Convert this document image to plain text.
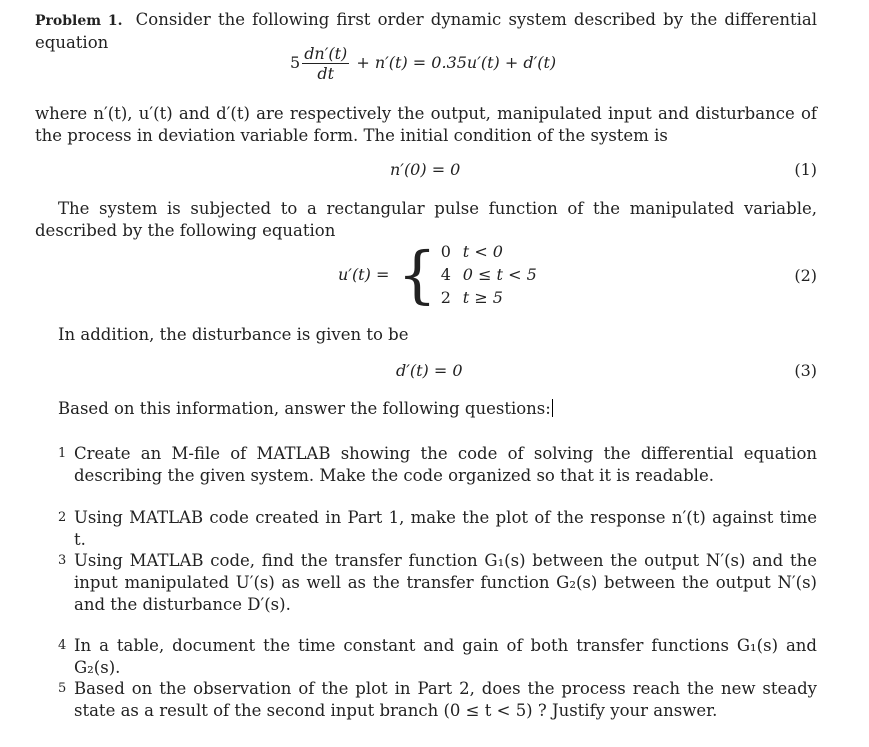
Problem 1. Consider the following first order dynamic system described by the differential equation
$5 \frac{dn'(t)}{dt} + n'(t) = 0.35u'(t) + d'(t)$
where n′(t), u′(t) and d′(t) are respectively the output, manipulated input and disturbance of the process in deviation variable form. The initial condition of the system is
n′(0) = 0	(1)
The system is subjected to a rectangular pulse function of the manipulated variable, described by the following equation
u′(t) = { 0 t < 0
4 0 ≤ t < 5
2 t ≥ 5
(2)
In addition, the disturbance is given to be
d′(t) = 0	(3)
Based on this information, answer the following questions:
1 Create an M-file of MATLAB showing the code of solving the differential equation describing the given system. Make the code organized so that it is readable.
2 Using MATLAB code created in Part 1, make the plot of the response n′(t) against time t.
3 Using MATLAB code, find the transfer function G₁(s) between the output N′(s) and the input manipulated U′(s) as well as the transfer function G₂(s) between the output N′(s) and the disturbance D′(s).
4 In a table, document the time constant and gain of both transfer functions G₁(s) and G₂(s).
5 Based on the observation of the plot in Part 2, does the process reach the new steady state as a result of the second input branch (0 ≤ t < 5) ? Justify your answer.
